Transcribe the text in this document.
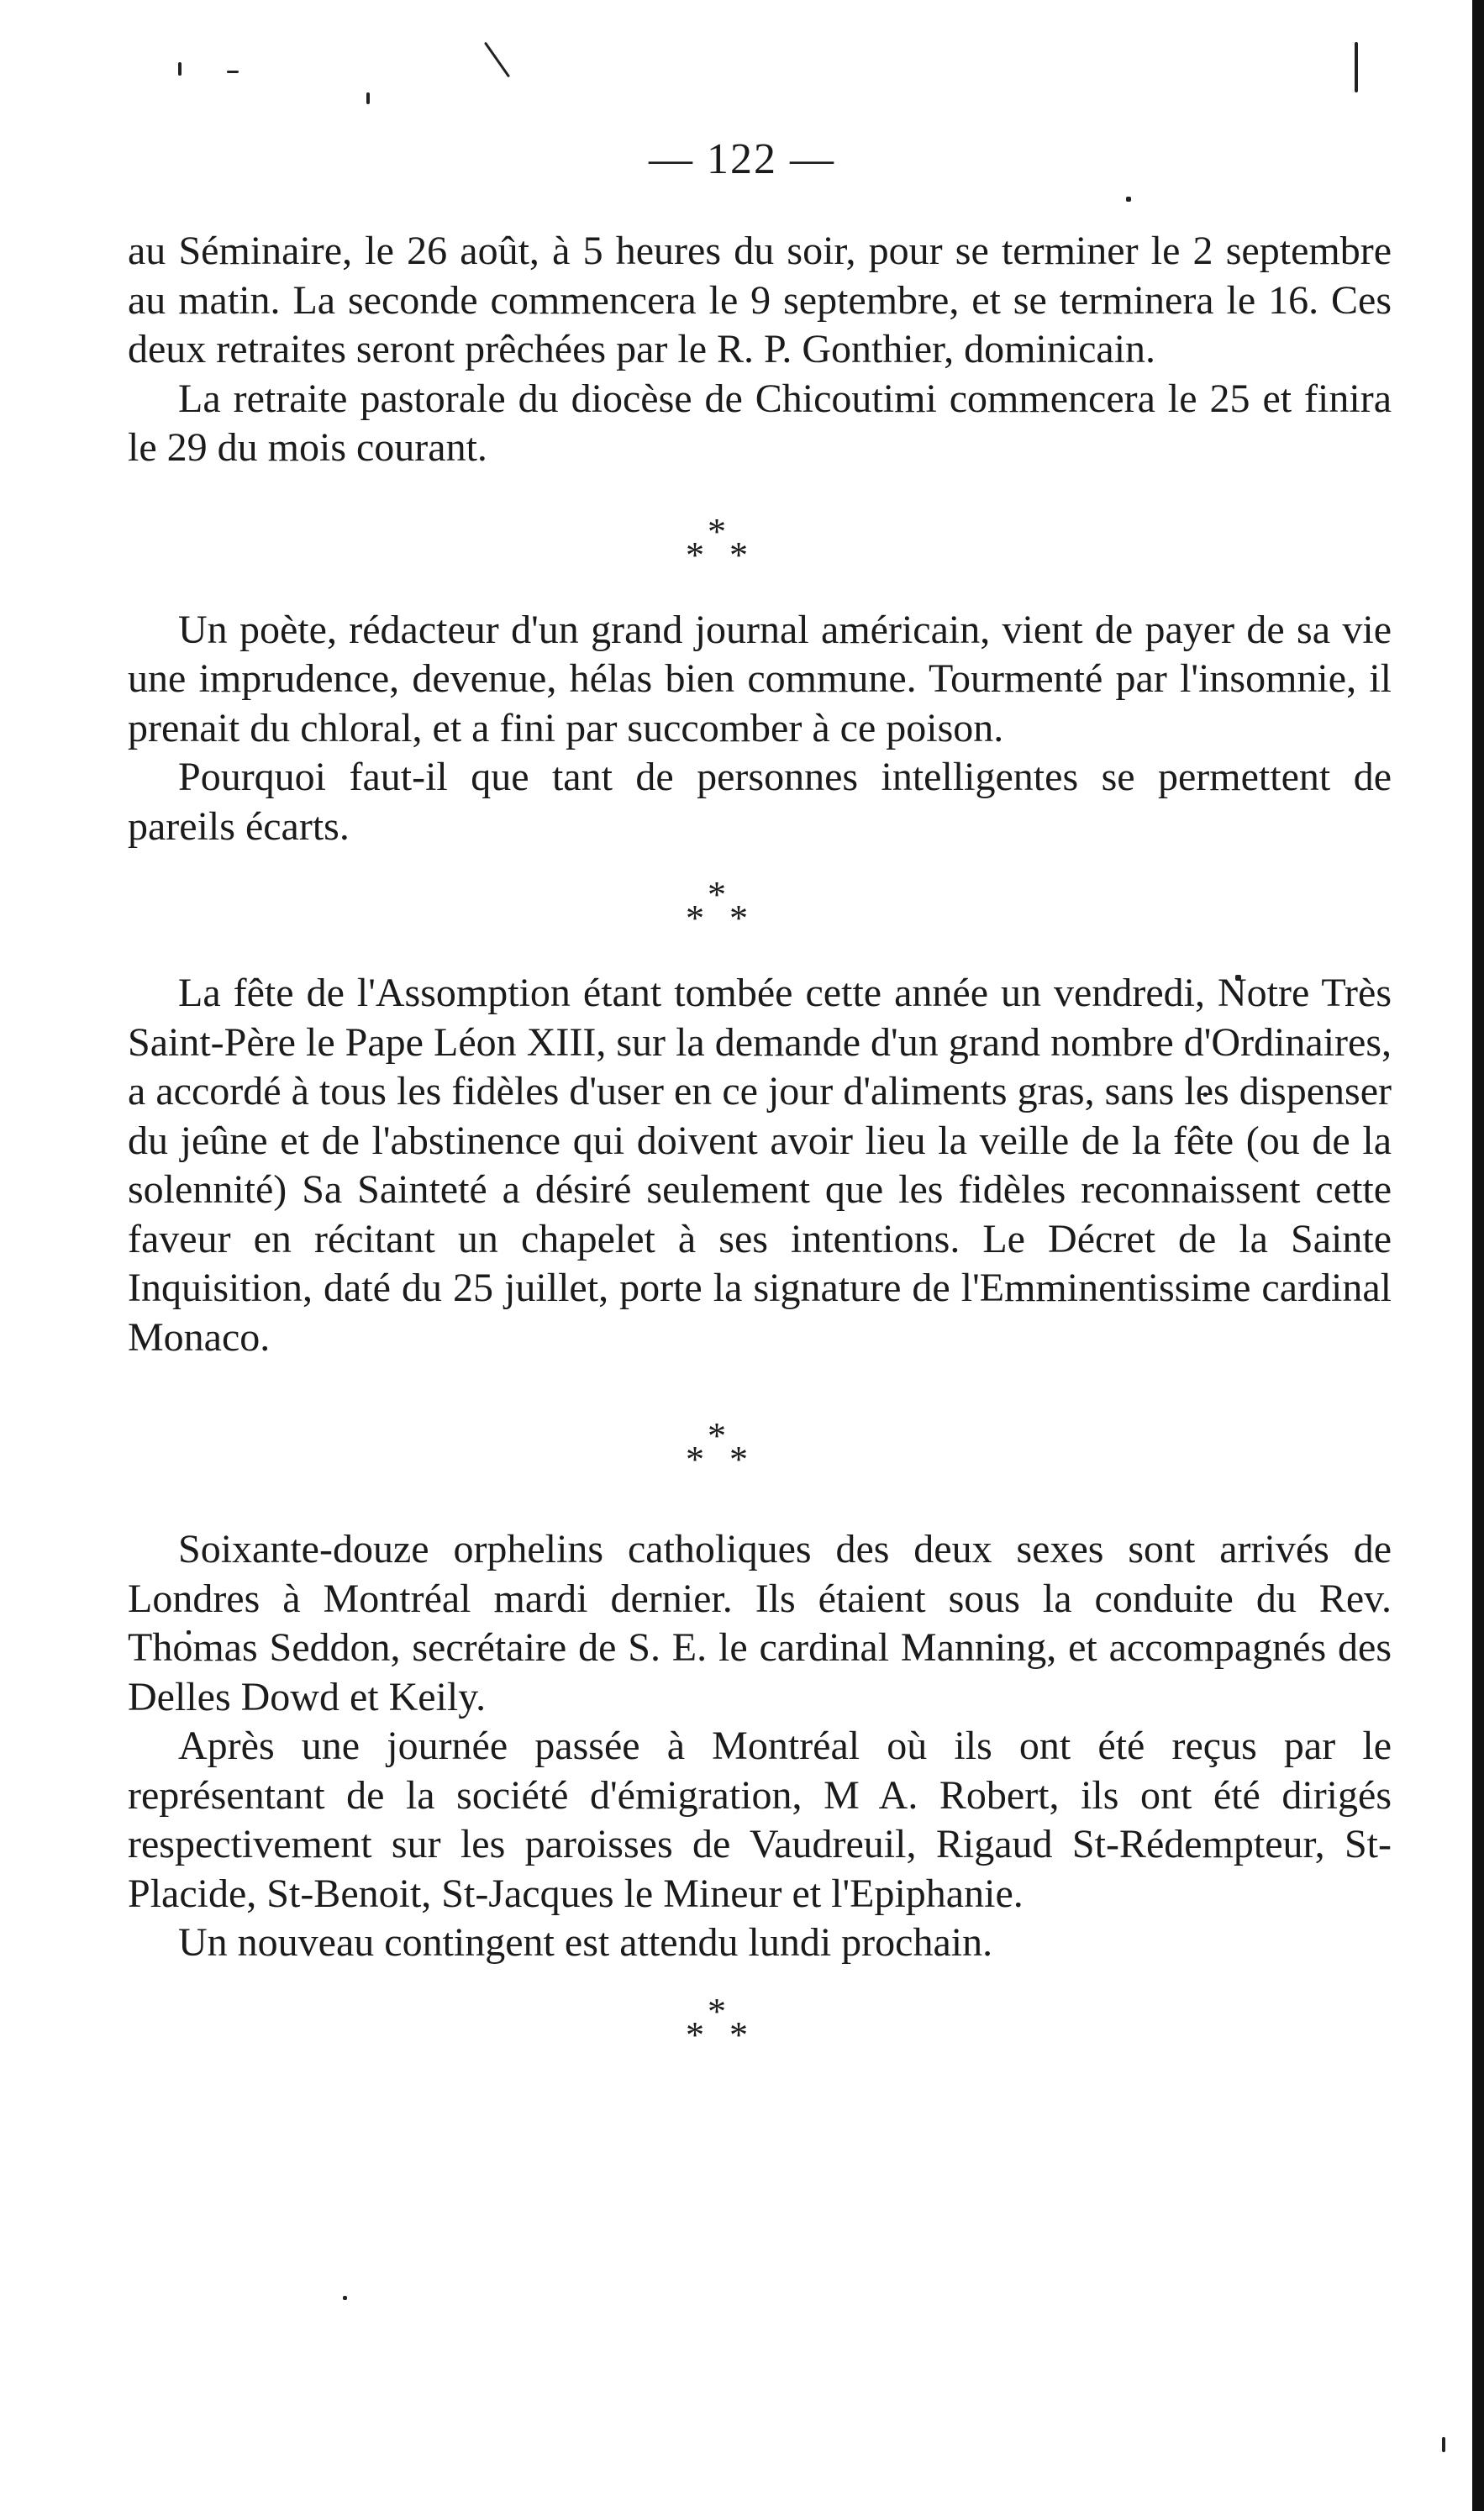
— 122 —

au Séminaire, le 26 août, à 5 heures du soir, pour se terminer le 2 septembre au matin. La seconde commencera le 9 septembre, et se terminera le 16. Ces deux retraites seront prêchées par le R. P. Gonthier, dominicain.

La retraite pastorale du diocèse de Chicoutimi commencera le 25 et finira le 29 du mois courant.

*
* *

Un poète, rédacteur d'un grand journal américain, vient de payer de sa vie une imprudence, devenue, hélas bien commune. Tourmenté par l'insomnie, il prenait du chloral, et a fini par succomber à ce poison.

Pourquoi faut-il que tant de personnes intelligentes se permettent de pareils écarts.

*
* *

La fête de l'Assomption étant tombée cette année un vendredi, Notre Très Saint-Père le Pape Léon XIII, sur la demande d'un grand nombre d'Ordinaires, a accordé à tous les fidèles d'user en ce jour d'aliments gras, sans les dispenser du jeûne et de l'abstinence qui doivent avoir lieu la veille de la fête (ou de la solennité) Sa Sainteté a désiré seulement que les fidèles reconnaissent cette faveur en récitant un chapelet à ses intentions. Le Décret de la Sainte Inquisition, daté du 25 juillet, porte la signature de l'Emminentissime cardinal Monaco.

*
* *

Soixante-douze orphelins catholiques des deux sexes sont arrivés de Londres à Montréal mardi dernier. Ils étaient sous la conduite du Rev. Thomas Seddon, secrétaire de S. E. le cardinal Manning, et accompagnés des Delles Dowd et Keily.

Après une journée passée à Montréal où ils ont été reçus par le représentant de la société d'émigration, M A. Robert, ils ont été dirigés respectivement sur les paroisses de Vaudreuil, Rigaud St-Rédempteur, St-Placide, St-Benoit, St-Jacques le Mineur et l'Epiphanie.

Un nouveau contingent est attendu lundi prochain.

*
* *
